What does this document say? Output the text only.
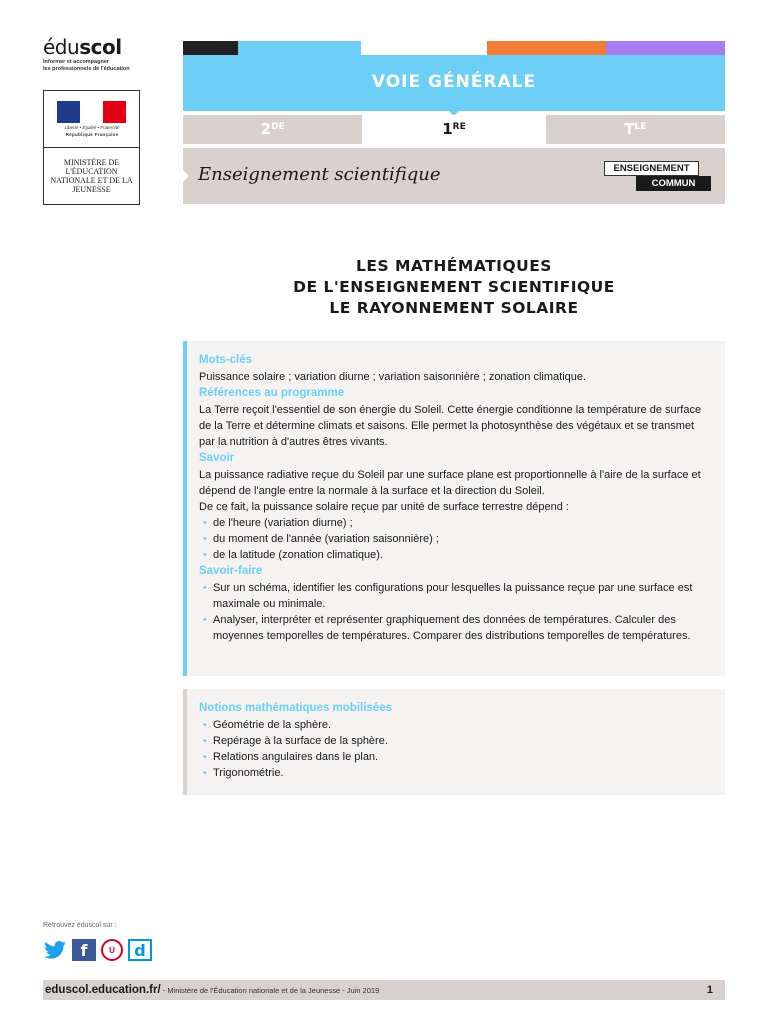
éduscol
Informer et accompagner
les professionnels de l'éducation
Liberté • Égalité • Fraternité
République Française
MINISTÈRE DE L'ÉDUCATION NATIONALE ET DE LA JEUNESSE
VOIE GÉNÉRALE
2DE	1RE	$T^{LE}$
Enseignement scientifique	ENSEIGNEMENT
COMMUN
LES MATHÉMATIQUES
DE L'ENSEIGNEMENT SCIENTIFIQUE
LE RAYONNEMENT SOLAIRE
Mots-clés

Puissance solaire ; variation diurne ; variation saisonnière ; zonation climatique.

Références au programme

La Terre reçoit l'essentiel de son énergie du Soleil. Cette énergie conditionne la température de surface de la Terre et détermine climats et saisons. Elle permet la photosynthèse des végétaux et se transmet par la nutrition à d'autres êtres vivants.

Savoir

La puissance radiative reçue du Soleil par une surface plane est proportionnelle à l'aire de la surface et dépend de l'angle entre la normale à la surface et la direction du Soleil.

De ce fait, la puissance solaire reçue par unité de surface terrestre dépend :

• de l'heure (variation diurne) ;
• du moment de l'année (variation saisonnière) ;
• de la latitude (zonation climatique).
Savoir-faire
• Sur un schéma, identifier les configurations pour lesquelles la puissance reçue par une surface est maximale ou minimale.
• Analyser, interpréter et représenter graphiquement des données de températures. Calculer des moyennes temporelles de températures. Comparer des distributions temporelles de températures.
Notions mathématiques mobilisées
• Géométrie de la sphère.
• Repérage à la surface de la sphère.
• Relations angulaires dans le plan.
• Trigonométrie.
Retrouvez éduscol sur :
f	U	d
eduscol.education.fr/ - Ministère de l'Éducation nationale et de la Jeunesse - Juin 2019	1
